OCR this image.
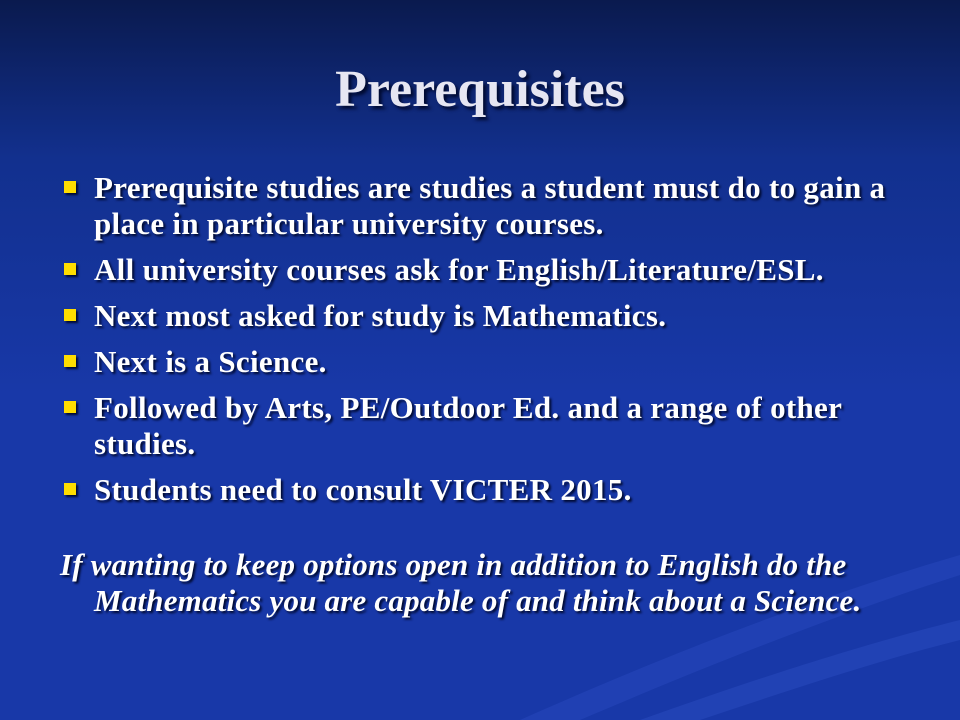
Prerequisites
Prerequisite studies are studies a student must do to gain a place in particular university courses.
All university courses ask for English/Literature/ESL.
Next most asked for study is Mathematics.
Next is a Science.
Followed by Arts, PE/Outdoor Ed. and a range of other studies.
Students need to consult VICTER 2015.

If wanting to keep options open in addition to English do the Mathematics you are capable of and think about a Science.
